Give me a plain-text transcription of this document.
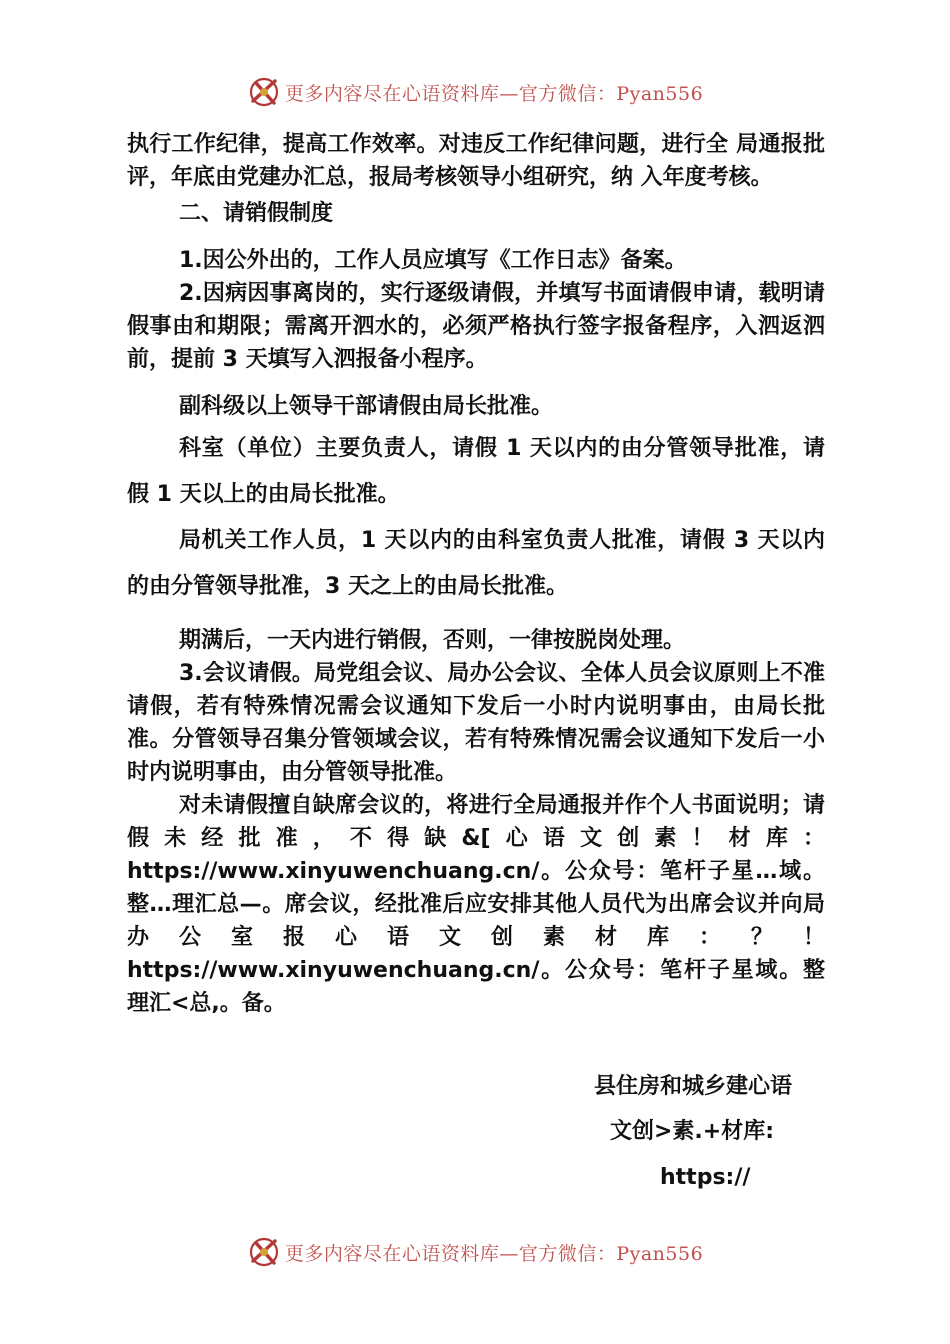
更多内容尽在心语资料库—官方微信：Pyan556

执行工作纪律，提高工作效率。对违反工作纪律问题，进行全 局通报批评，年底由党建办汇总，报局考核领导小组研究，纳 入年度考核。

二、请销假制度

1.因公外出的，工作人员应填写《工作日志》备案。

2.因病因事离岗的，实行逐级请假，并填写书面请假申请，载明请假事由和期限；需离开泗水的，必须严格执行签字报备程序，入泗返泗前，提前 3 天填写入泗报备小程序。

副科级以上领导干部请假由局长批准。

科室（单位）主要负责人，请假 1 天以内的由分管领导批准，请假 1 天以上的由局长批准。

局机关工作人员，1 天以内的由科室负责人批准，请假 3 天以内的由分管领导批准，3 天之上的由局长批准。

期满后，一天内进行销假，否则，一律按脱岗处理。

3.会议请假。局党组会议、局办公会议、全体人员会议原则上不准请假，若有特殊情况需会议通知下发后一小时内说明事由，由局长批准。分管领导召集分管领域会议，若有特殊情况需会议通知下发后一小时内说明事由，由分管领导批准。

对未请假擅自缺席会议的，将进行全局通报并作个人书面说明；请假未经批准，不得缺&[心语文创素！材库：https://www.xinyuwenchuang.cn/。公众号：笔杆子星…域。整…理汇总—。席会议，经批准后应安排其他人员代为出席会议并向局办公室报心语文创素材库：？！https://www.xinyuwenchuang.cn/。公众号：笔杆子星域。整理汇<总,。备。

县住房和城乡建心语
文创>素.+材库:
https://
更多内容尽在心语资料库—官方微信：Pyan556
